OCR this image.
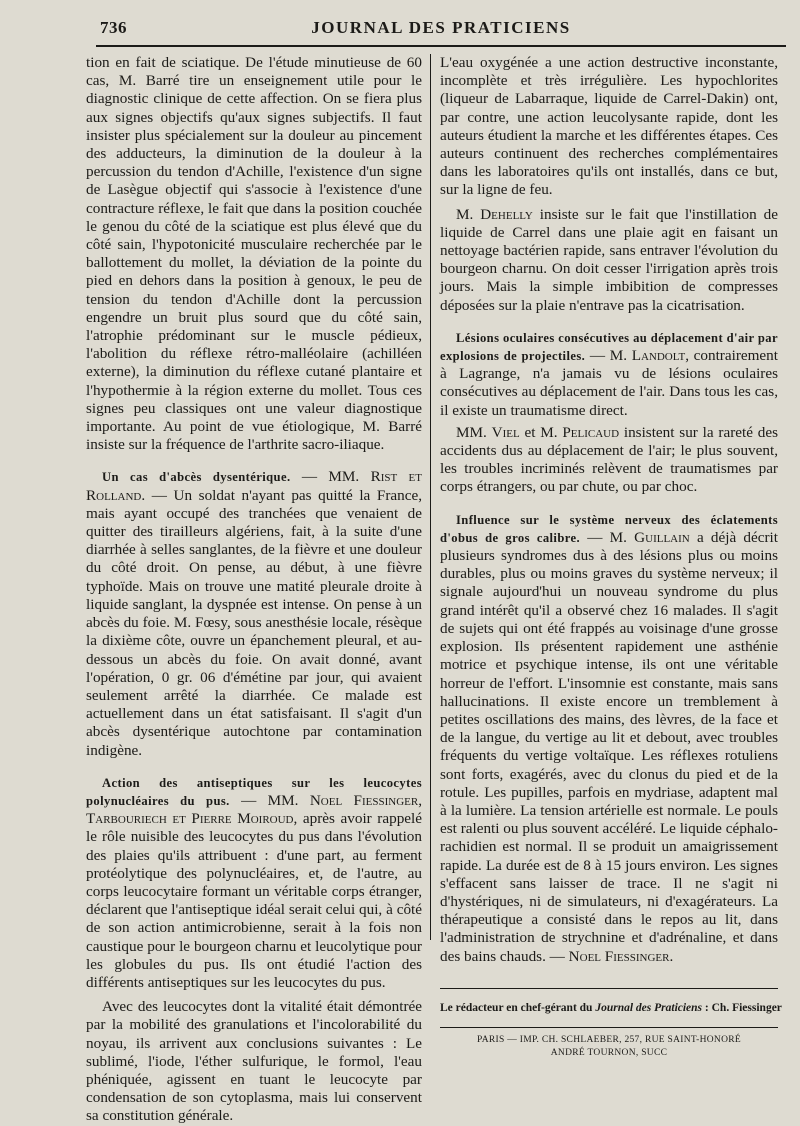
736	JOURNAL DES PRATICIENS

tion en fait de sciatique. De l'étude minutieuse de 60 cas, M. Barré tire un enseignement utile pour le diagnostic clinique de cette affection. On se fiera plus aux signes objectifs qu'aux signes subjectifs. Il faut insister plus spécialement sur la douleur au pincement des adducteurs, la diminution de la douleur à la percussion du tendon d'Achille, l'existence d'un signe de Lasègue objectif qui s'associe à l'existence d'une contracture réflexe, le fait que dans la position couchée le genou du côté de la sciatique est plus élevé que du côté sain, l'hypotonicité musculaire recherchée par le ballottement du mollet, la déviation de la pointe du pied en dehors dans la position à genoux, le peu de tension du tendon d'Achille dont la percussion engendre un bruit plus sourd que du côté sain, l'atrophie prédominant sur le muscle pédieux, l'abolition du réflexe rétro-malléolaire (achilléen externe), la diminution du réflexe cutané plantaire et l'hypothermie à la région externe du mollet. Tous ces signes peu classiques ont une valeur diagnostique importante. Au point de vue étiologique, M. Barré insiste sur la fréquence de l'arthrite sacro-iliaque.

Un cas d'abcès dysentérique. — MM. Rist et Rolland. — Un soldat n'ayant pas quitté la France, mais ayant occupé des tranchées que venaient de quitter des tirailleurs algériens, fait, à la suite d'une diarrhée à selles sanglantes, de la fièvre et une douleur du côté droit. On pense, au début, à une fièvre typhoïde. Mais on trouve une matité pleurale droite à liquide sanglant, la dyspnée est intense. On pense à un abcès du foie. M. Fœsy, sous anesthésie locale, résèque la dixième côte, ouvre un épanchement pleural, et au-dessous un abcès du foie. On avait donné, avant l'opération, 0 gr. 06 d'émétine par jour, qui avaient seulement arrêté la diarrhée. Ce malade est actuellement dans un état satisfaisant. Il s'agit d'un abcès dysentérique autochtone par contamination indigène.

Action des antiseptiques sur les leucocytes polynucléaires du pus. — MM. Noel Fiessinger, Tarbouriech et Pierre Moiroud, après avoir rappelé le rôle nuisible des leucocytes du pus dans l'évolution des plaies qu'ils attribuent : d'une part, au ferment protéolytique des polynucléaires, et, de l'autre, au corps leucocytaire formant un véritable corps étranger, déclarent que l'antiseptique idéal serait celui qui, à côté de son action antimicrobienne, serait à la fois non caustique pour le bourgeon charnu et leucolytique pour les globules du pus. Ils ont étudié l'action des différents antiseptiques sur les leucocytes du pus.

Avec des leucocytes dont la vitalité était démontrée par la mobilité des granulations et l'incolorabilité du noyau, ils arrivent aux conclusions suivantes : Le sublimé, l'iode, l'éther sulfurique, le formol, l'eau phéniquée, agissent en tuant le leucocyte par condensation de son cytoplasma, mais lui conservent sa constitution générale.

L'eau oxygénée a une action destructive inconstante, incomplète et très irrégulière. Les hypochlorites (liqueur de Labarraque, liquide de Carrel-Dakin) ont, par contre, une action leucolysante rapide, dont les auteurs étudient la marche et les différentes étapes. Ces auteurs continuent des recherches complémentaires dans les laboratoires qu'ils ont installés, dans ce but, sur la ligne de feu.

M. Dehelly insiste sur le fait que l'instillation de liquide de Carrel dans une plaie agit en faisant un nettoyage bactérien rapide, sans entraver l'évolution du bourgeon charnu. On doit cesser l'irrigation après trois jours. Mais la simple imbibition de compresses déposées sur la plaie n'entrave pas la cicatrisation.

Lésions oculaires consécutives au déplacement d'air par explosions de projectiles. — M. Landolt, contrairement à Lagrange, n'a jamais vu de lésions oculaires consécutives au déplacement de l'air. Dans tous les cas, il existe un traumatisme direct.

MM. Viel et M. Pelicaud insistent sur la rareté des accidents dus au déplacement de l'air; le plus souvent, les troubles incriminés relèvent de traumatismes par corps étrangers, ou par chute, ou par choc.

Influence sur le système nerveux des éclatements d'obus de gros calibre. — M. Guillain a déjà décrit plusieurs syndromes dus à des lésions plus ou moins durables, plus ou moins graves du système nerveux; il signale aujourd'hui un nouveau syndrome du plus grand intérêt qu'il a observé chez 16 malades. Il s'agit de sujets qui ont été frappés au voisinage d'une grosse explosion. Ils présentent rapidement une asthénie motrice et psychique intense, ils ont une véritable horreur de l'effort. L'insomnie est constante, mais sans hallucinations. Il existe encore un tremblement à petites oscillations des mains, des lèvres, de la face et de la langue, du vertige au lit et debout, avec troubles fréquents du vertige voltaïque. Les réflexes rotuliens sont forts, exagérés, avec du clonus du pied et de la rotule. Les pupilles, parfois en mydriase, adaptent mal à la lumière. La tension artérielle est normale. Le pouls est ralenti ou plus souvent accéléré. Le liquide céphalo-rachidien est normal. Il se produit un amaigrissement rapide. La durée est de 8 à 15 jours environ. Les signes s'effacent sans laisser de trace. Il ne s'agit ni d'hystériques, ni de simulateurs, ni d'exagérateurs. La thérapeutique a consisté dans le repos au lit, dans l'administration de strychnine et d'adrénaline, et dans des bains chauds. — Noel Fiessinger.

Le rédacteur en chef-gérant du Journal des Praticiens : Ch. Fiessinger
PARIS — IMP. CH. SCHLAEBER, 257, RUE SAINT-HONORÉ
ANDRÉ TOURNON, SUCC
